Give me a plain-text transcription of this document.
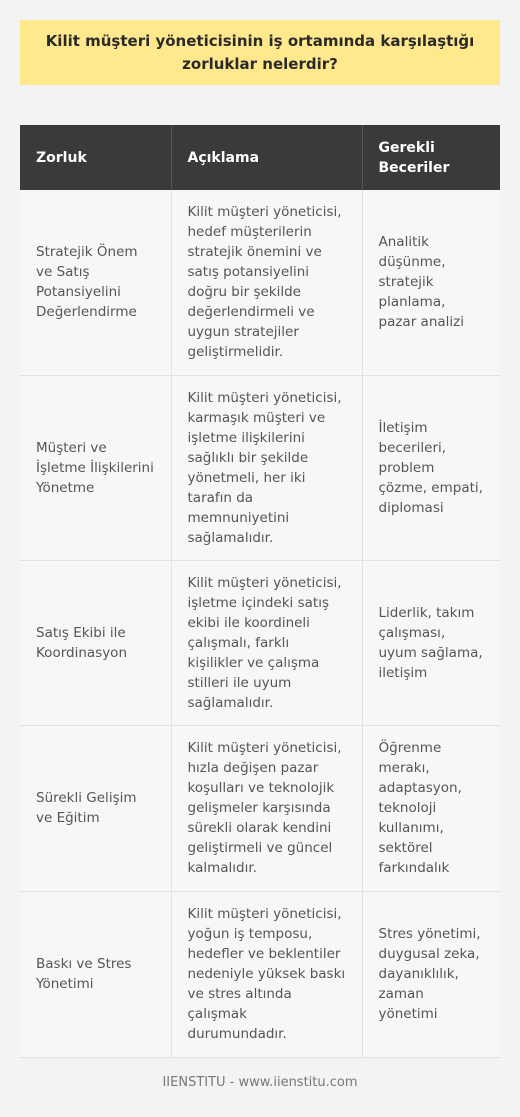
Kilit müşteri yöneticisinin iş ortamında karşılaştığı zorluklar nelerdir?
Zorluk	Açıklama	Gerekli Beceriler
Stratejik Önem ve Satış Potansiyelini Değerlendirme	Kilit müşteri yöneticisi, hedef müşterilerin stratejik önemini ve satış potansiyelini doğru bir şekilde değerlendirmeli ve uygun stratejiler geliştirmelidir.	Analitik düşünme, stratejik planlama, pazar analizi
Müşteri ve İşletme İlişkilerini Yönetme	Kilit müşteri yöneticisi, karmaşık müşteri ve işletme ilişkilerini sağlıklı bir şekilde yönetmeli, her iki tarafın da memnuniyetini sağlamalıdır.	İletişim becerileri, problem çözme, empati, diplomasi
Satış Ekibi ile Koordinasyon	Kilit müşteri yöneticisi, işletme içindeki satış ekibi ile koordineli çalışmalı, farklı kişilikler ve çalışma stilleri ile uyum sağlamalıdır.	Liderlik, takım çalışması, uyum sağlama, iletişim
Sürekli Gelişim ve Eğitim	Kilit müşteri yöneticisi, hızla değişen pazar koşulları ve teknolojik gelişmeler karşısında sürekli olarak kendini geliştirmeli ve güncel kalmalıdır.	Öğrenme merakı, adaptasyon, teknoloji kullanımı, sektörel farkındalık
Baskı ve Stres Yönetimi	Kilit müşteri yöneticisi, yoğun iş temposu, hedefler ve beklentiler nedeniyle yüksek baskı ve stres altında çalışmak durumundadır.	Stres yönetimi, duygusal zeka, dayanıklılık, zaman yönetimi
IIENSTITU - www.iienstitu.com
